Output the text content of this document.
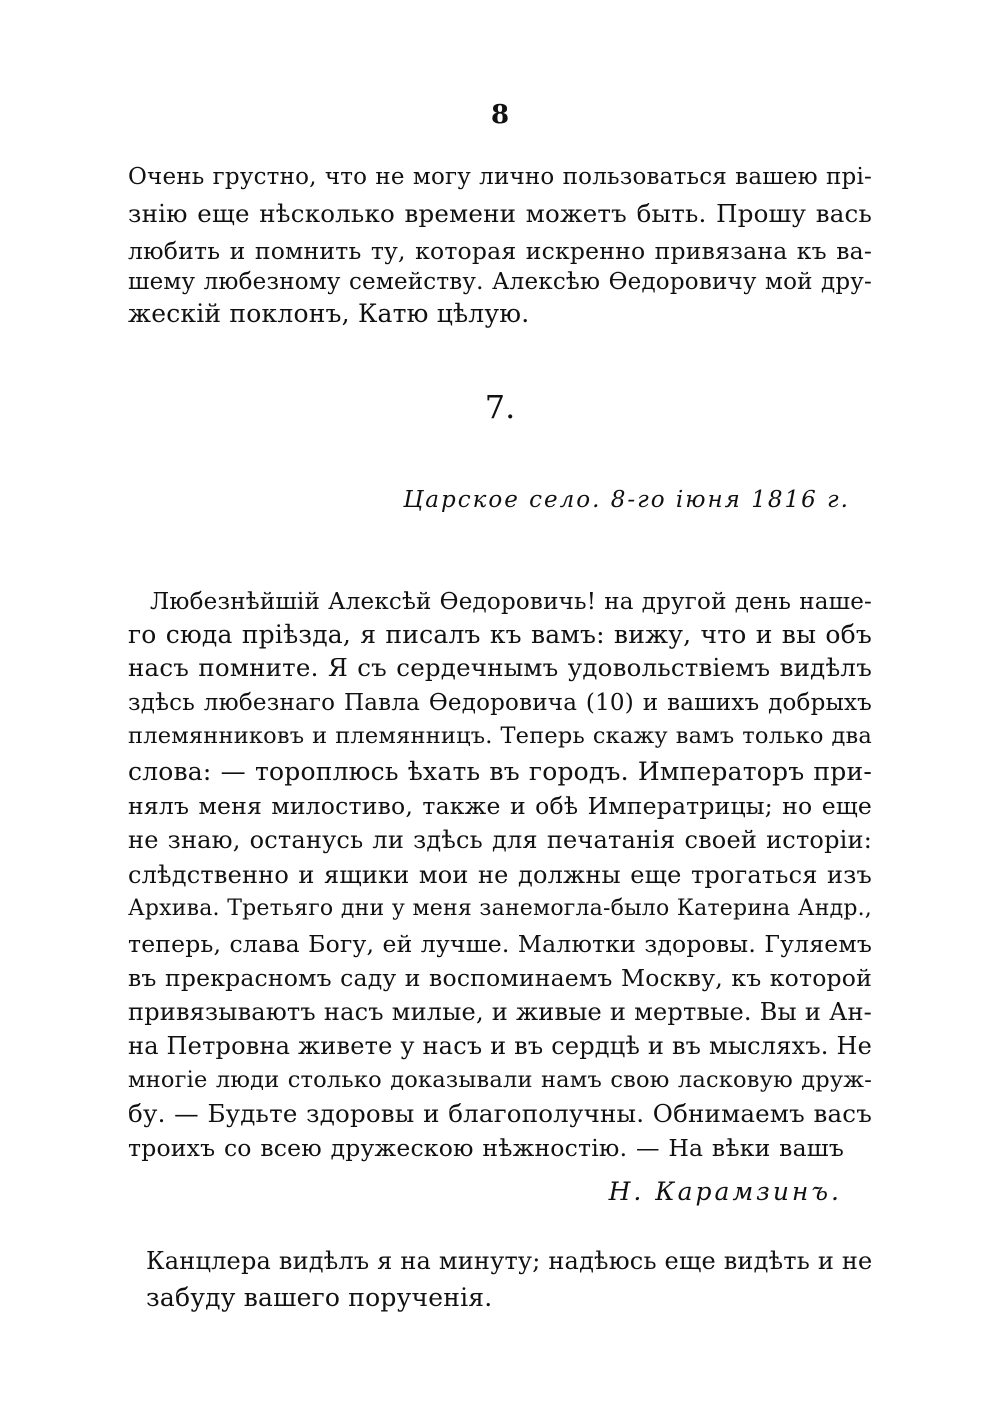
8
Очень грустно, что не могу лично пользоваться вашею прі-
знію еще нѣсколько времени можетъ быть. Прошу вась
любить и помнить ту, которая искренно привязана къ ва-
шему любезному семейству. Алексѣю Өедоровичу мой дру-
жескій поклонъ, Катю цѣлую.
7.
Царское село. 8-го іюня 1816 г.
Любезнѣйшій Алексѣй Өедоровичь! на другой день наше-
го сюда пріѣзда, я писалъ къ вамъ: вижу, что и вы объ
насъ помните. Я съ сердечнымъ удовольствіемъ видѣлъ
здѣсь любезнаго Павла Өедоровича (10) и вашихъ добрыхъ
племянниковъ и племянницъ. Теперь скажу вамъ только два
слова: — тороплюсь ѣхать въ городъ. Императоръ при-
нялъ меня милостиво, также и обѣ Императрицы; но еще
не знаю, останусь ли здѣсь для печатанія своей исторіи:
слѣдственно и ящики мои не должны еще трогаться изъ
Архива. Третьяго дни у меня занемогла-было Катерина Андр.,
теперь, слава Богу, ей лучше. Малютки здоровы. Гуляемъ
въ прекрасномъ саду и воспоминаемъ Москву, къ которой
привязываютъ насъ милые, и живые и мертвые. Вы и Ан-
на Петровна живете у насъ и въ сердцѣ и въ мысляхъ. Не
многіе люди столько доказывали намъ свою ласковую друж-
бу. — Будьте здоровы и благополучны. Обнимаемъ васъ
троихъ со всею дружескою нѣжностію. — На вѣки вашъ
Н. Карамзинъ.
Канцлера видѣлъ я на минуту; надѣюсь еще видѣть и не
забуду вашего порученія.
